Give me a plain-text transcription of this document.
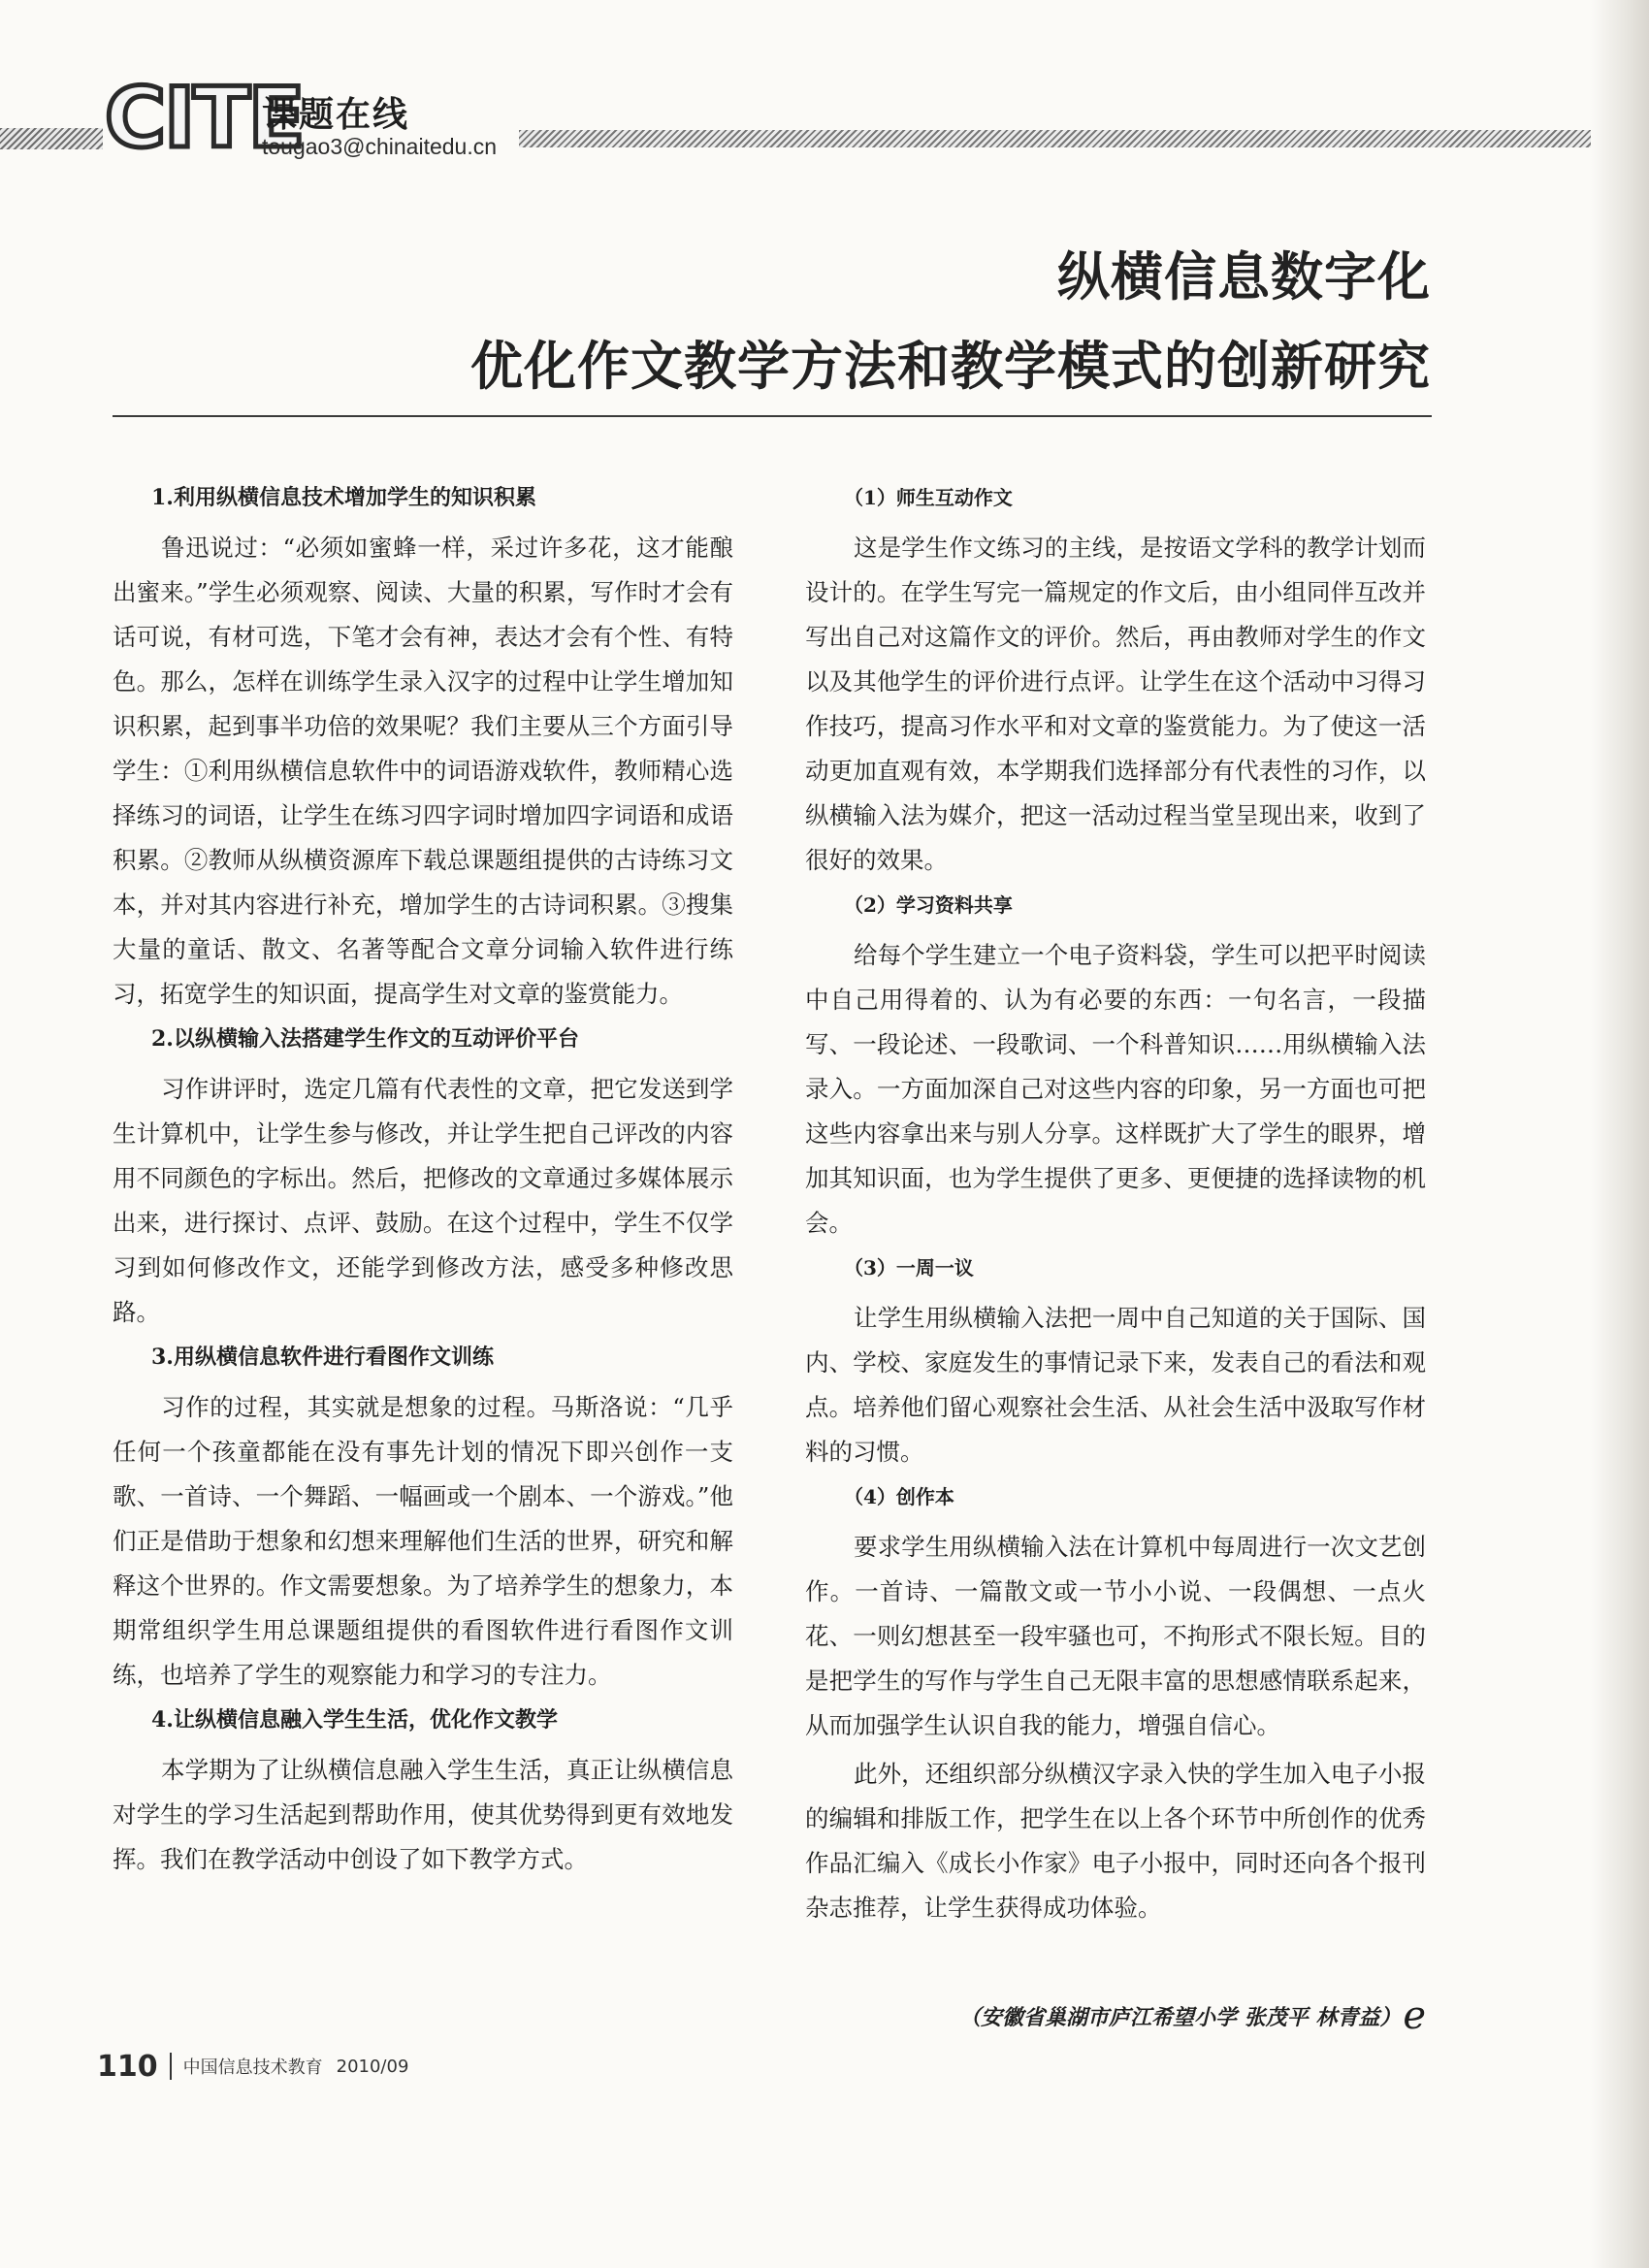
CITE
课题在线
tougao3@chinaitedu.cn
纵横信息数字化
优化作文教学方法和教学模式的创新研究
1.利用纵横信息技术增加学生的知识积累

鲁迅说过：“必须如蜜蜂一样，采过许多花，这才能酿出蜜来。”学生必须观察、阅读、大量的积累，写作时才会有话可说，有材可选，下笔才会有神，表达才会有个性、有特色。那么，怎样在训练学生录入汉字的过程中让学生增加知识积累，起到事半功倍的效果呢？我们主要从三个方面引导学生：①利用纵横信息软件中的词语游戏软件，教师精心选择练习的词语，让学生在练习四字词时增加四字词语和成语积累。②教师从纵横资源库下载总课题组提供的古诗练习文本，并对其内容进行补充，增加学生的古诗词积累。③搜集大量的童话、散文、名著等配合文章分词输入软件进行练习，拓宽学生的知识面，提高学生对文章的鉴赏能力。

2.以纵横输入法搭建学生作文的互动评价平台

习作讲评时，选定几篇有代表性的文章，把它发送到学生计算机中，让学生参与修改，并让学生把自己评改的内容用不同颜色的字标出。然后，把修改的文章通过多媒体展示出来，进行探讨、点评、鼓励。在这个过程中，学生不仅学习到如何修改作文，还能学到修改方法，感受多种修改思路。

3.用纵横信息软件进行看图作文训练

习作的过程，其实就是想象的过程。马斯洛说：“几乎任何一个孩童都能在没有事先计划的情况下即兴创作一支歌、一首诗、一个舞蹈、一幅画或一个剧本、一个游戏。”他们正是借助于想象和幻想来理解他们生活的世界，研究和解释这个世界的。作文需要想象。为了培养学生的想象力，本期常组织学生用总课题组提供的看图软件进行看图作文训练，也培养了学生的观察能力和学习的专注力。

4.让纵横信息融入学生生活，优化作文教学

本学期为了让纵横信息融入学生生活，真正让纵横信息对学生的学习生活起到帮助作用，使其优势得到更有效地发挥。我们在教学活动中创设了如下教学方式。

（1）师生互动作文

这是学生作文练习的主线，是按语文学科的教学计划而设计的。在学生写完一篇规定的作文后，由小组同伴互改并写出自己对这篇作文的评价。然后，再由教师对学生的作文以及其他学生的评价进行点评。让学生在这个活动中习得习作技巧，提高习作水平和对文章的鉴赏能力。为了使这一活动更加直观有效，本学期我们选择部分有代表性的习作，以纵横输入法为媒介，把这一活动过程当堂呈现出来，收到了很好的效果。

（2）学习资料共享

给每个学生建立一个电子资料袋，学生可以把平时阅读中自己用得着的、认为有必要的东西：一句名言，一段描写、一段论述、一段歌词、一个科普知识……用纵横输入法录入。一方面加深自己对这些内容的印象，另一方面也可把这些内容拿出来与别人分享。这样既扩大了学生的眼界，增加其知识面，也为学生提供了更多、更便捷的选择读物的机会。

（3）一周一议

让学生用纵横输入法把一周中自己知道的关于国际、国内、学校、家庭发生的事情记录下来，发表自己的看法和观点。培养他们留心观察社会生活、从社会生活中汲取写作材料的习惯。

（4）创作本

要求学生用纵横输入法在计算机中每周进行一次文艺创作。一首诗、一篇散文或一节小小说、一段偶想、一点火花、一则幻想甚至一段牢骚也可，不拘形式不限长短。目的是把学生的写作与学生自己无限丰富的思想感情联系起来，从而加强学生认识自我的能力，增强自信心。

此外，还组织部分纵横汉字录入快的学生加入电子小报的编辑和排版工作，把学生在以上各个环节中所创作的优秀作品汇编入《成长小作家》电子小报中，同时还向各个报刊杂志推荐，让学生获得成功体验。

（安徽省巢湖市庐江希望小学 张茂平 林青益）e
110 中国信息技术教育 2010/09
